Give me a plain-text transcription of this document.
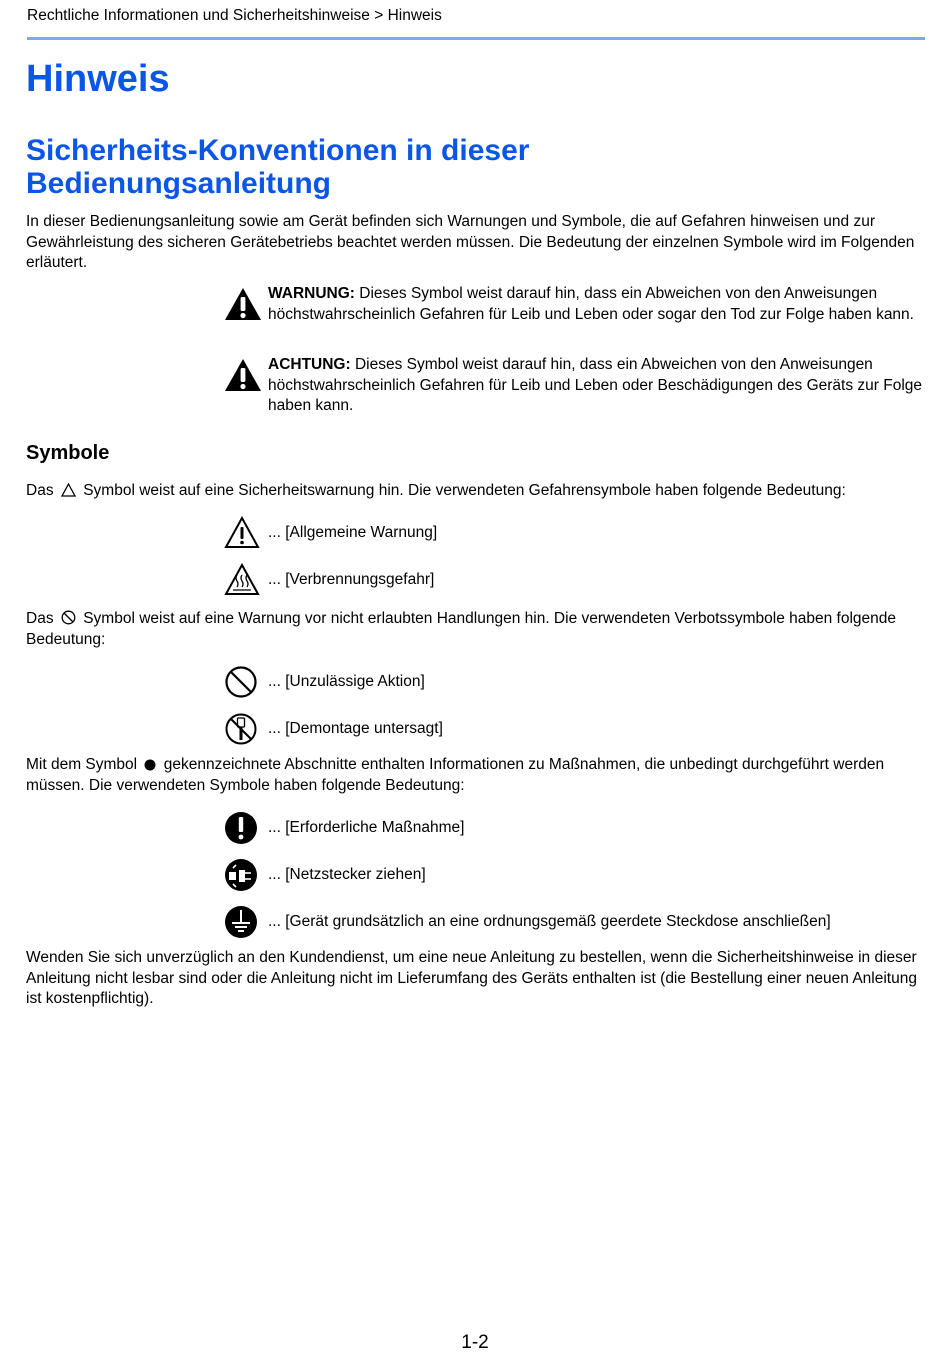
Rechtliche Informationen und Sicherheitshinweise > Hinweis
Hinweis
Sicherheits-Konventionen in dieser
Bedienungsanleitung

In dieser Bedienungsanleitung sowie am Gerät befinden sich Warnungen und Symbole, die auf Gefahren hinweisen und zur Gewährleistung des sicheren Gerätebetriebs beachtet werden müssen. Die Bedeutung der einzelnen Symbole wird im Folgenden erläutert.

WARNUNG: Dieses Symbol weist darauf hin, dass ein Abweichen von den Anweisungen höchstwahrscheinlich Gefahren für Leib und Leben oder sogar den Tod zur Folge haben kann.
ACHTUNG: Dieses Symbol weist darauf hin, dass ein Abweichen von den Anweisungen höchstwahrscheinlich Gefahren für Leib und Leben oder Beschädigungen des Geräts zur Folge haben kann.
Symbole

Das Symbol weist auf eine Sicherheitswarnung hin. Die verwendeten Gefahrensymbole haben folgende Bedeutung:

... [Allgemeine Warnung]
... [Verbrennungsgefahr]

Das Symbol weist auf eine Warnung vor nicht erlaubten Handlungen hin. Die verwendeten Verbotssymbole haben folgende Bedeutung:

... [Unzulässige Aktion]
... [Demontage untersagt]

Mit dem Symbol gekennzeichnete Abschnitte enthalten Informationen zu Maßnahmen, die unbedingt durchgeführt werden müssen. Die verwendeten Symbole haben folgende Bedeutung:

... [Erforderliche Maßnahme]
... [Netzstecker ziehen]
... [Gerät grundsätzlich an eine ordnungsgemäß geerdete Steckdose anschließen]

Wenden Sie sich unverzüglich an den Kundendienst, um eine neue Anleitung zu bestellen, wenn die Sicherheitshinweise in dieser Anleitung nicht lesbar sind oder die Anleitung nicht im Lieferumfang des Geräts enthalten ist (die Bestellung einer neuen Anleitung ist kostenpflichtig).

1-2
